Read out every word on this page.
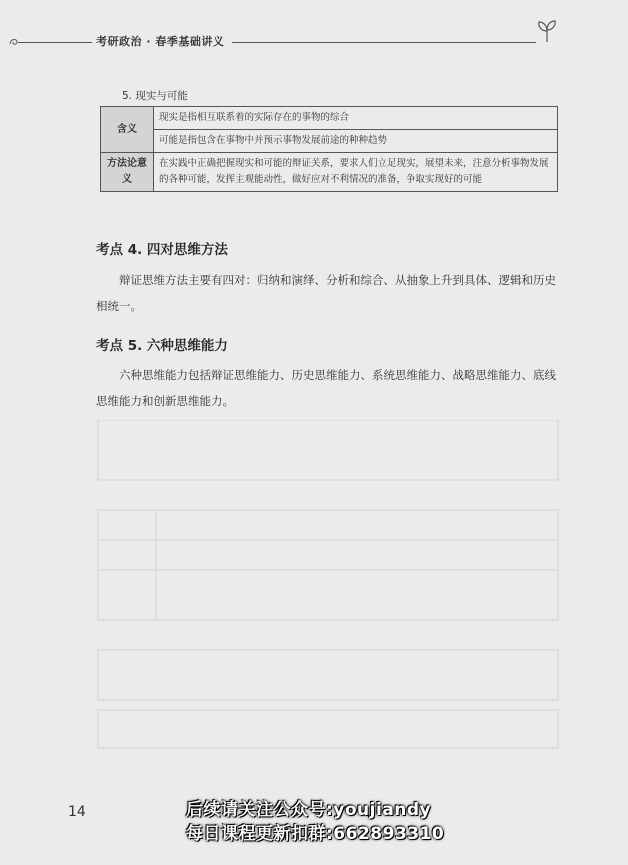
考研政治 · 春季基础讲义
5. 现实与可能
含义	现实是指相互联系着的实际存在的事物的综合
	可能是指包含在事物中并预示事物发展前途的种种趋势
方法论意义	在实践中正确把握现实和可能的辩证关系，要求人们立足现实，展望未来，注意分析事物发展的各种可能，发挥主观能动性，做好应对不利情况的准备，争取实现好的可能
考点 4. 四对思维方法

辩证思维方法主要有四对：归纳和演绎、分析和综合、从抽象上升到具体、逻辑和历史相统一。

考点 5. 六种思维能力

六种思维能力包括辩证思维能力、历史思维能力、系统思维能力、战略思维能力、底线思维能力和创新思维能力。

14	后续请关注公众号:youjiandy
每日课程更新扣群:662893310
